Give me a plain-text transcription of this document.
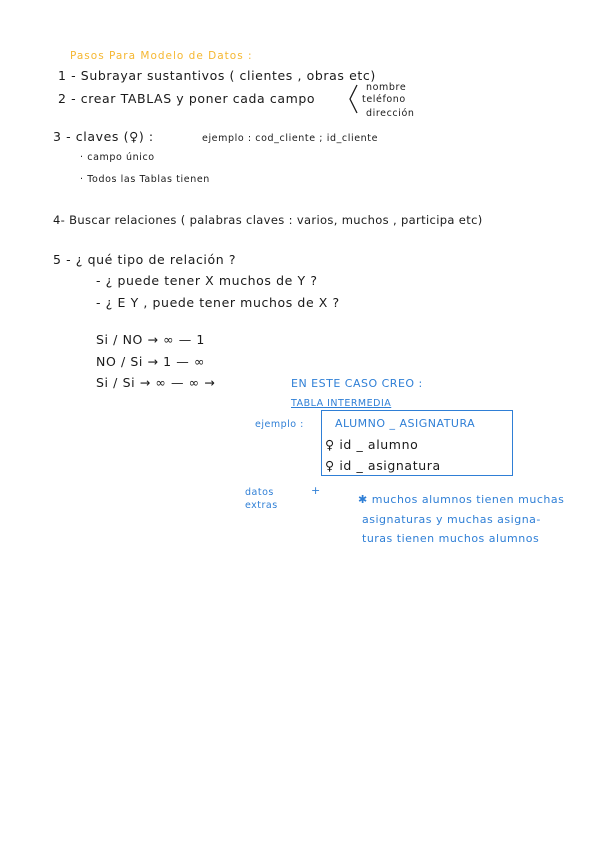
Pasos Para Modelo de Datos :
1 - Subrayar sustantivos ( clientes , obras etc)
2 - crear TABLAS y poner cada campo
nombre
teléfono
dirección
3 - claves (♀) :	ejemplo : cod_cliente ; id_cliente
· campo único
· Todos las Tablas tienen
4- Buscar relaciones ( palabras claves : varios, muchos , participa etc)
5 - ¿ qué tipo de relación ?
- ¿ puede tener X muchos de Y ?
- ¿ E Y , puede tener muchos de X ?
Si / NO → ∞ — 1
NO / Si → 1 — ∞
Si / Si → ∞ — ∞ →	EN ESTE CASO CREO :
TABLA INTERMEDIA
ejemplo :	ALUMNO _ ASIGNATURA
♀ id _ alumno
♀ id _ asignatura
datos
extras
+
✱ muchos alumnos tienen muchas
asignaturas y muchas asigna-
turas tienen muchos alumnos
